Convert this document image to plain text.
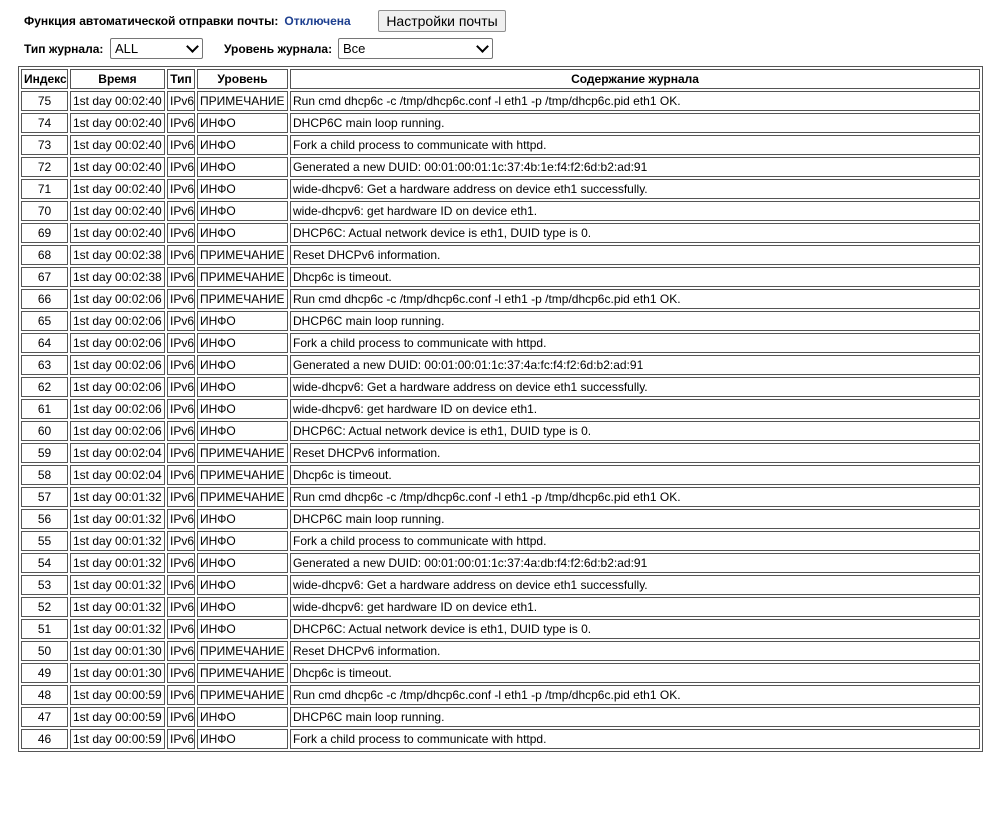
Функция автоматической отправки почты: Отключена	Настройки почты
Тип журнала: ALL	Уровень журнала: Все
Индекс	Время	Тип	Уровень	Содержание журнала
75	1st day 00:02:40	IPv6	ПРИМЕЧАНИЕ	Run cmd dhcp6c -c /tmp/dhcp6c.conf -l eth1 -p /tmp/dhcp6c.pid eth1 OK.
74	1st day 00:02:40	IPv6	ИНФО	DHCP6C main loop running.
73	1st day 00:02:40	IPv6	ИНФО	Fork a child process to communicate with httpd.
72	1st day 00:02:40	IPv6	ИНФО	Generated a new DUID: 00:01:00:01:1c:37:4b:1e:f4:f2:6d:b2:ad:91
71	1st day 00:02:40	IPv6	ИНФО	wide-dhcpv6: Get a hardware address on device eth1 successfully.
70	1st day 00:02:40	IPv6	ИНФО	wide-dhcpv6: get hardware ID on device eth1.
69	1st day 00:02:40	IPv6	ИНФО	DHCP6C: Actual network device is eth1, DUID type is 0.
68	1st day 00:02:38	IPv6	ПРИМЕЧАНИЕ	Reset DHCPv6 information.
67	1st day 00:02:38	IPv6	ПРИМЕЧАНИЕ	Dhcp6c is timeout.
66	1st day 00:02:06	IPv6	ПРИМЕЧАНИЕ	Run cmd dhcp6c -c /tmp/dhcp6c.conf -l eth1 -p /tmp/dhcp6c.pid eth1 OK.
65	1st day 00:02:06	IPv6	ИНФО	DHCP6C main loop running.
64	1st day 00:02:06	IPv6	ИНФО	Fork a child process to communicate with httpd.
63	1st day 00:02:06	IPv6	ИНФО	Generated a new DUID: 00:01:00:01:1c:37:4a:fc:f4:f2:6d:b2:ad:91
62	1st day 00:02:06	IPv6	ИНФО	wide-dhcpv6: Get a hardware address on device eth1 successfully.
61	1st day 00:02:06	IPv6	ИНФО	wide-dhcpv6: get hardware ID on device eth1.
60	1st day 00:02:06	IPv6	ИНФО	DHCP6C: Actual network device is eth1, DUID type is 0.
59	1st day 00:02:04	IPv6	ПРИМЕЧАНИЕ	Reset DHCPv6 information.
58	1st day 00:02:04	IPv6	ПРИМЕЧАНИЕ	Dhcp6c is timeout.
57	1st day 00:01:32	IPv6	ПРИМЕЧАНИЕ	Run cmd dhcp6c -c /tmp/dhcp6c.conf -l eth1 -p /tmp/dhcp6c.pid eth1 OK.
56	1st day 00:01:32	IPv6	ИНФО	DHCP6C main loop running.
55	1st day 00:01:32	IPv6	ИНФО	Fork a child process to communicate with httpd.
54	1st day 00:01:32	IPv6	ИНФО	Generated a new DUID: 00:01:00:01:1c:37:4a:db:f4:f2:6d:b2:ad:91
53	1st day 00:01:32	IPv6	ИНФО	wide-dhcpv6: Get a hardware address on device eth1 successfully.
52	1st day 00:01:32	IPv6	ИНФО	wide-dhcpv6: get hardware ID on device eth1.
51	1st day 00:01:32	IPv6	ИНФО	DHCP6C: Actual network device is eth1, DUID type is 0.
50	1st day 00:01:30	IPv6	ПРИМЕЧАНИЕ	Reset DHCPv6 information.
49	1st day 00:01:30	IPv6	ПРИМЕЧАНИЕ	Dhcp6c is timeout.
48	1st day 00:00:59	IPv6	ПРИМЕЧАНИЕ	Run cmd dhcp6c -c /tmp/dhcp6c.conf -l eth1 -p /tmp/dhcp6c.pid eth1 OK.
47	1st day 00:00:59	IPv6	ИНФО	DHCP6C main loop running.
46	1st day 00:00:59	IPv6	ИНФО	Fork a child process to communicate with httpd.
